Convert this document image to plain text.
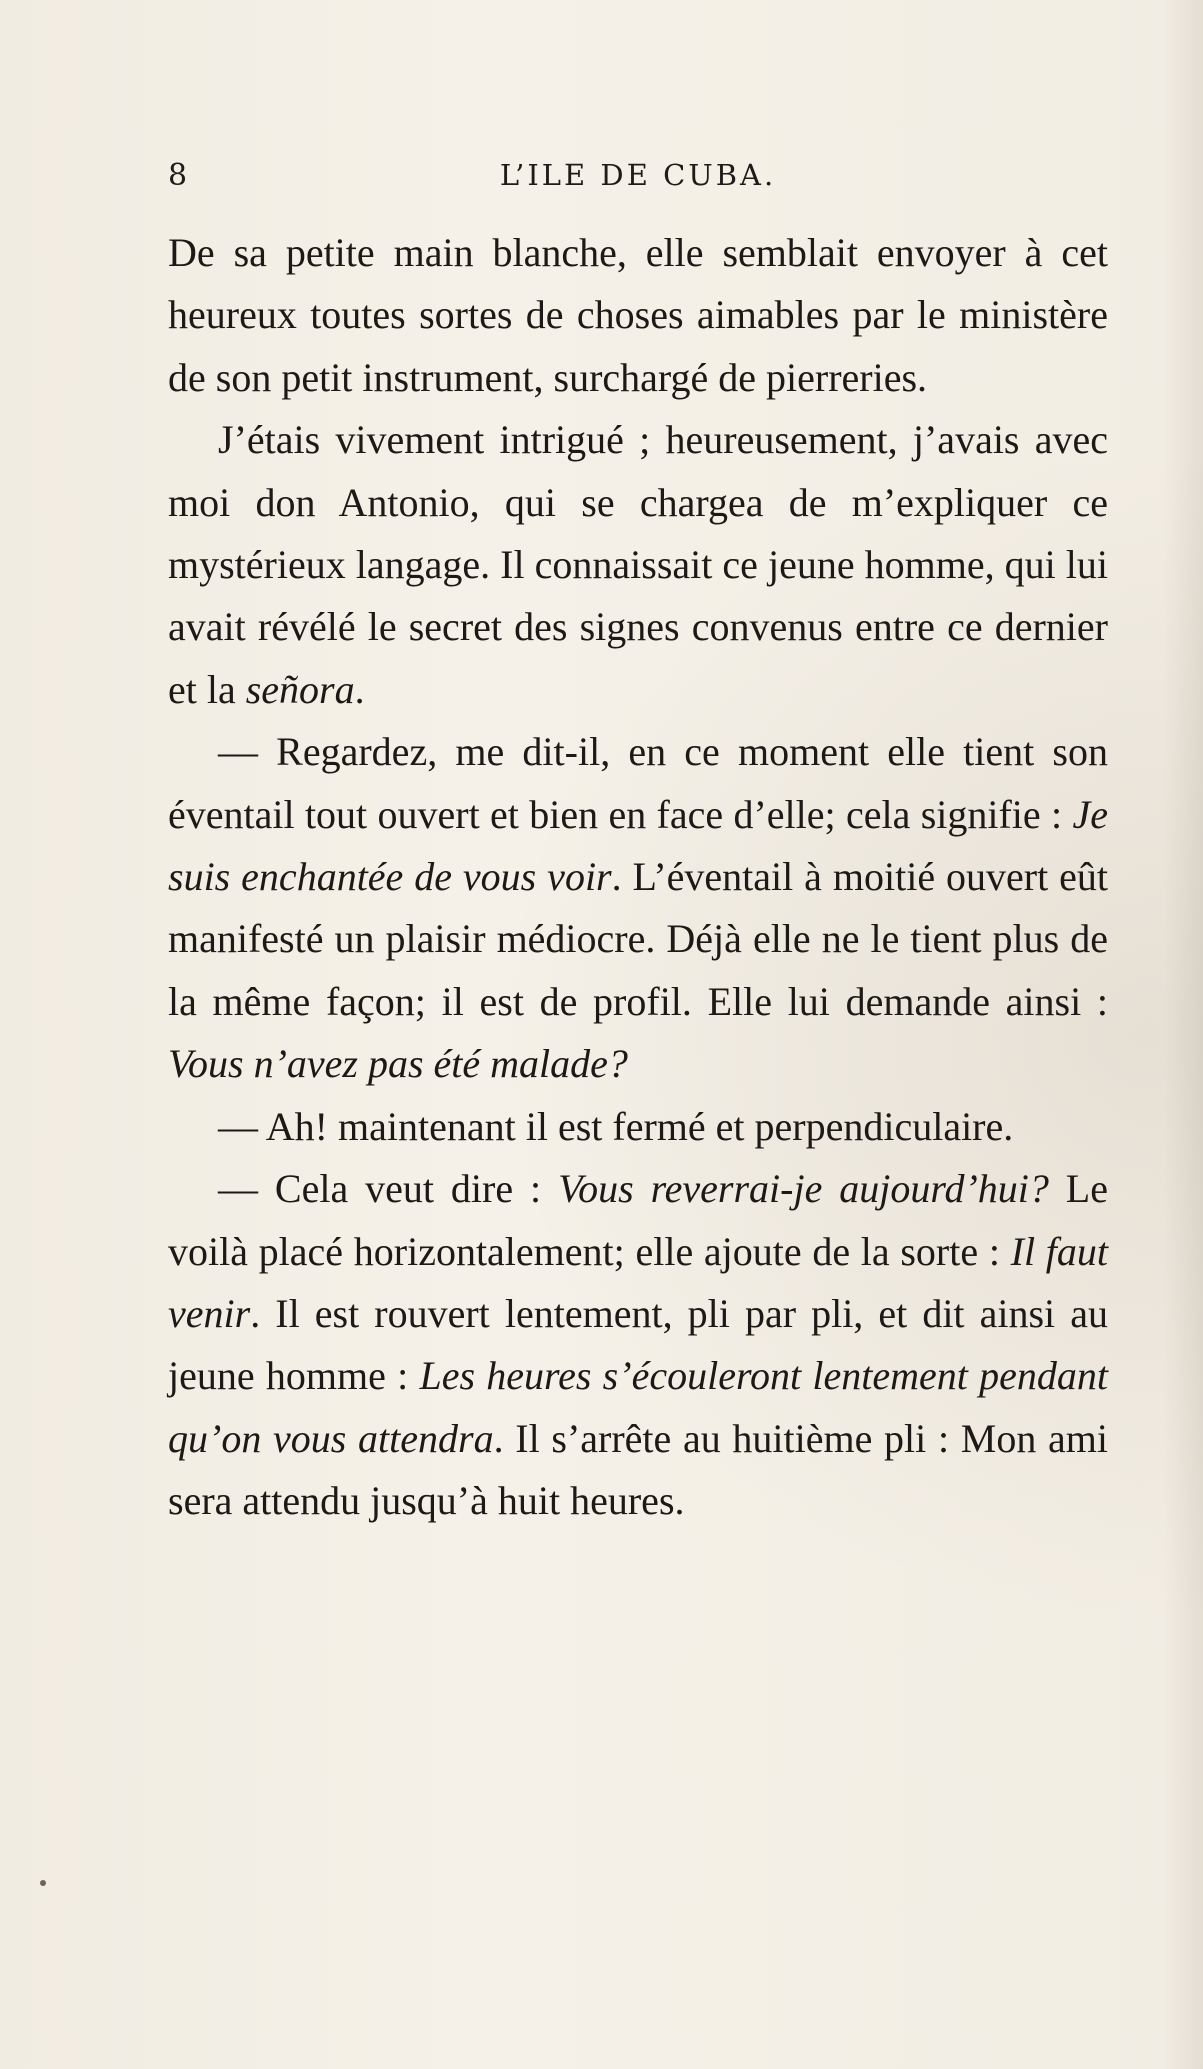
8	L’ILE DE CUBA.

De sa petite main blanche, elle semblait envoyer à cet heureux toutes sortes de choses aimables par le ministère de son petit instrument, surchargé de pierreries.

J’étais vivement intrigué ; heureusement, j’avais avec moi don Antonio, qui se chargea de m’expliquer ce mystérieux langage. Il connaissait ce jeune homme, qui lui avait révélé le secret des signes convenus entre ce dernier et la señora.

— Regardez, me dit-il, en ce moment elle tient son éventail tout ouvert et bien en face d’elle; cela signifie : Je suis enchantée de vous voir. L’éventail à moitié ouvert eût manifesté un plaisir médiocre. Déjà elle ne le tient plus de la même façon; il est de profil. Elle lui demande ainsi : Vous n’avez pas été malade?

— Ah! maintenant il est fermé et perpendiculaire.

— Cela veut dire : Vous reverrai-je aujourd’hui? Le voilà placé horizontalement; elle ajoute de la sorte : Il faut venir. Il est rouvert lentement, pli par pli, et dit ainsi au jeune homme : Les heures s’écouleront lentement pendant qu’on vous attendra. Il s’arrête au huitième pli : Mon ami sera attendu jusqu’à huit heures.
